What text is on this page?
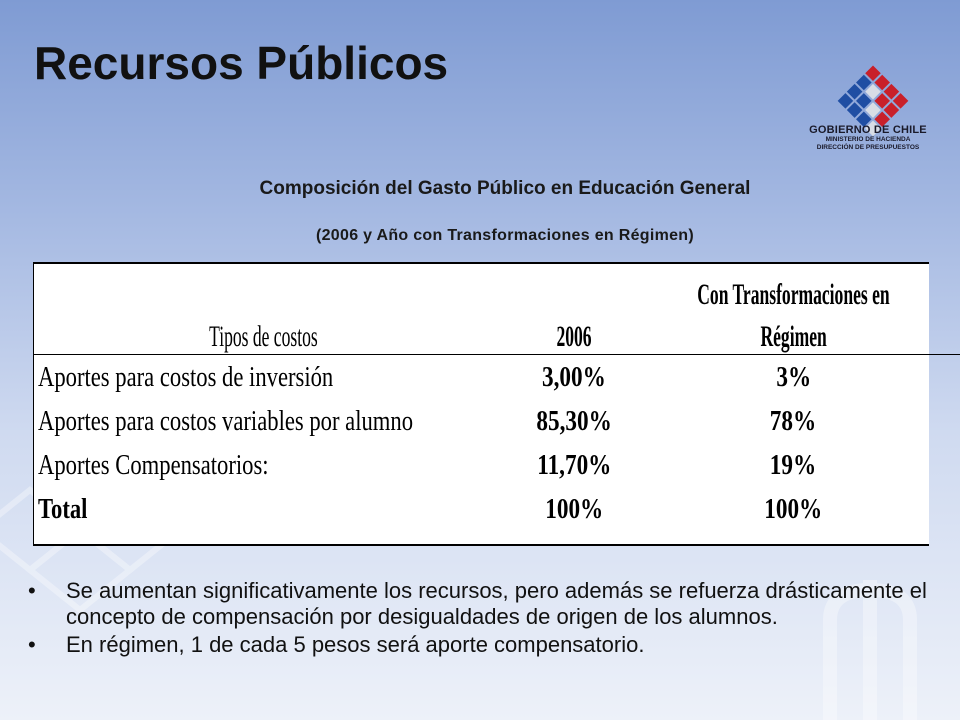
Recursos Públicos
GOBIERNO DE CHILE
MINISTERIO DE HACIENDA
DIRECCIÓN DE PRESUPUESTOS
Composición del Gasto Público en Educación General
(2006 y Año con Transformaciones en Régimen)
		Con Transformaciones en
Tipos de costos	2006	Régimen
Aportes para costos de inversión	3,00%	3%
Aportes para costos variables por alumno	85,30%	78%
Aportes Compensatorios:	11,70%	19%
Total	100%	100%
• Se aumentan significativamente los recursos, pero además se refuerza drásticamente el concepto de compensación por desigualdades de origen de los alumnos.
• En régimen, 1 de cada 5 pesos será aporte compensatorio.
